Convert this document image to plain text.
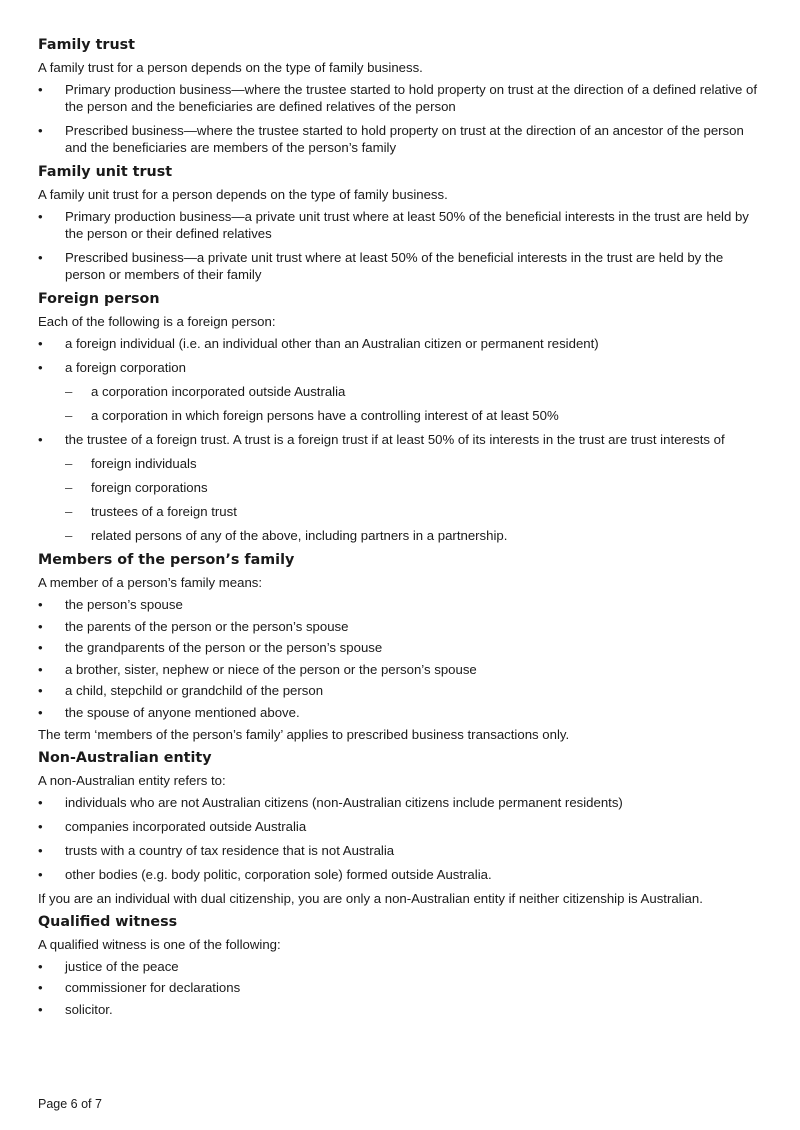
Family trust

A family trust for a person depends on the type of family business.

•	Primary production business—where the trustee started to hold property on trust at the direction of a defined relative of the person and the beneficiaries are defined relatives of the person
•	Prescribed business—where the trustee started to hold property on trust at the direction of an ancestor of the person and the beneficiaries are members of the person’s family
Family unit trust

A family unit trust for a person depends on the type of family business.

•	Primary production business—a private unit trust where at least 50% of the beneficial interests in the trust are held by the person or their defined relatives
•	Prescribed business—a private unit trust where at least 50% of the beneficial interests in the trust are held by the person or members of their family
Foreign person

Each of the following is a foreign person:

•	a foreign individual (i.e. an individual other than an Australian citizen or permanent resident)
•	a foreign corporation
–	a corporation incorporated outside Australia
–	a corporation in which foreign persons have a controlling interest of at least 50%
•	the trustee of a foreign trust. A trust is a foreign trust if at least 50% of its interests in the trust are trust interests of
–	foreign individuals
–	foreign corporations
–	trustees of a foreign trust
–	related persons of any of the above, including partners in a partnership.
Members of the person’s family

A member of a person’s family means:

•	the person’s spouse
•	the parents of the person or the person’s spouse
•	the grandparents of the person or the person’s spouse
•	a brother, sister, nephew or niece of the person or the person’s spouse
•	a child, stepchild or grandchild of the person
•	the spouse of anyone mentioned above.

The term ‘members of the person’s family’ applies to prescribed business transactions only.

Non-Australian entity

A non-Australian entity refers to:

•	individuals who are not Australian citizens (non-Australian citizens include permanent residents)
•	companies incorporated outside Australia
•	trusts with a country of tax residence that is not Australia
•	other bodies (e.g. body politic, corporation sole) formed outside Australia.

If you are an individual with dual citizenship, you are only a non-Australian entity if neither citizenship is Australian.

Qualified witness

A qualified witness is one of the following:

•	justice of the peace
•	commissioner for declarations
•	solicitor.
Page 6 of 7
